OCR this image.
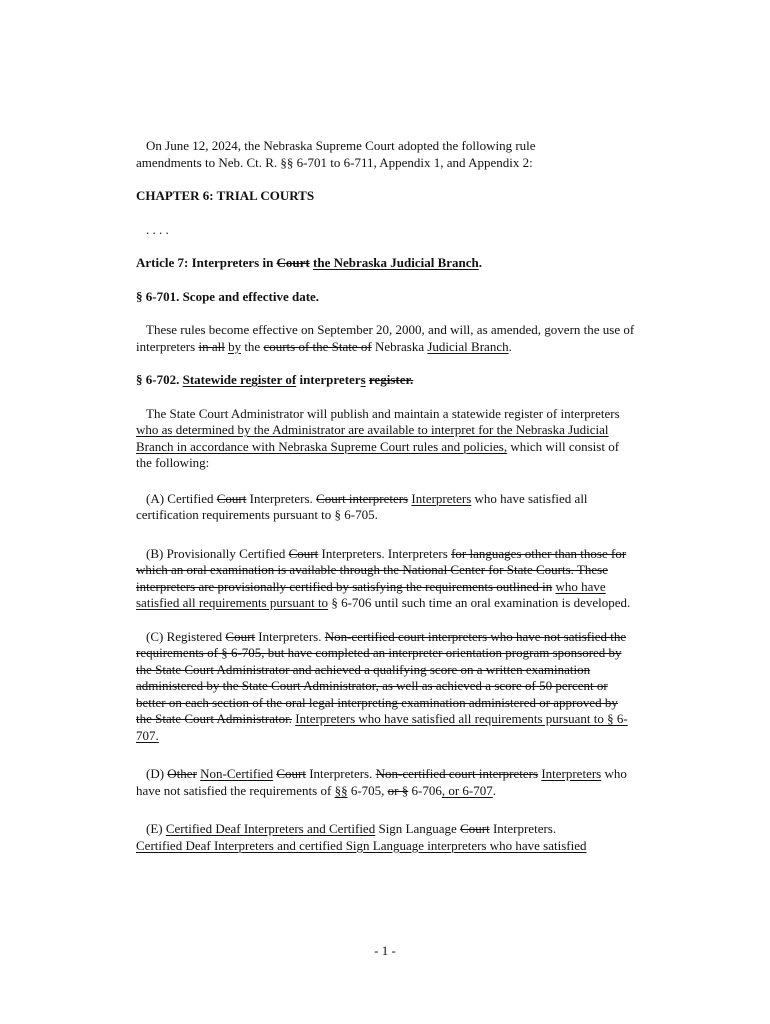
On June 12, 2024, the Nebraska Supreme Court adopted the following rule
amendments to Neb. Ct. R. §§ 6-701 to 6-711, Appendix 1, and Appendix 2:

CHAPTER 6: TRIAL COURTS

. . . .

Article 7: Interpreters in Court the Nebraska Judicial Branch.

§ 6-701. Scope and effective date.

These rules become effective on September 20, 2000, and will, as amended, govern the use of interpreters in all by the courts of the State of Nebraska Judicial Branch.

§ 6-702. Statewide register of interpreters register.

The State Court Administrator will publish and maintain a statewide register of interpreters who as determined by the Administrator are available to interpret for the Nebraska Judicial Branch in accordance with Nebraska Supreme Court rules and policies, which will consist of the following:

(A) Certified Court Interpreters. Court interpreters Interpreters who have satisfied all certification requirements pursuant to § 6-705.

(B) Provisionally Certified Court Interpreters. Interpreters for languages other than those for which an oral examination is available through the National Center for State Courts. These interpreters are provisionally certified by satisfying the requirements outlined in who have satisfied all requirements pursuant to § 6-706 until such time an oral examination is developed.

(C) Registered Court Interpreters. Non-certified court interpreters who have not satisfied the requirements of § 6-705, but have completed an interpreter orientation program sponsored by the State Court Administrator and achieved a qualifying score on a written examination administered by the State Court Administrator, as well as achieved a score of 50 percent or better on each section of the oral legal interpreting examination administered or approved by the State Court Administrator. Interpreters who have satisfied all requirements pursuant to § 6-707.

(D) Other Non-Certified Court Interpreters. Non-certified court interpreters Interpreters who have not satisfied the requirements of §§ 6-705, or § 6-706, or 6-707.

(E) Certified Deaf Interpreters and Certified Sign Language Court Interpreters.
Certified Deaf Interpreters and certified Sign Language interpreters who have satisfied

- 1 -
